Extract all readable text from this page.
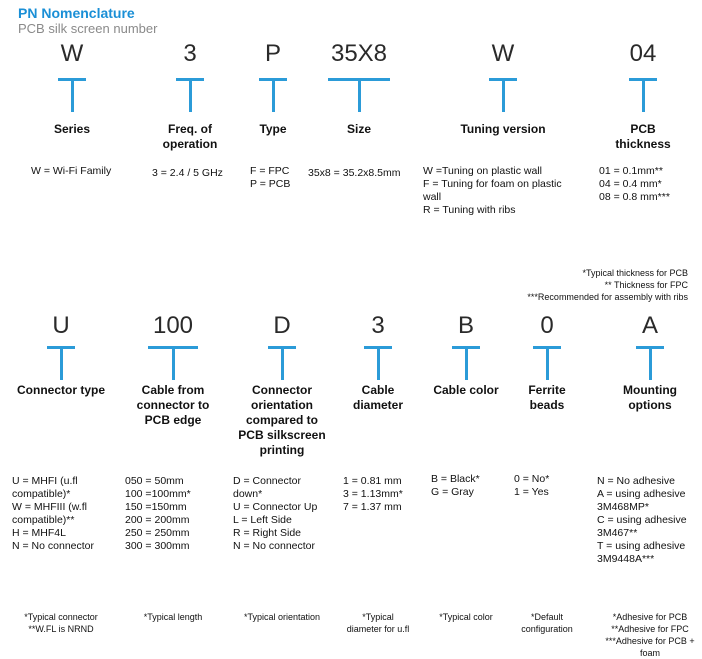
PN Nomenclature
PCB silk screen number
W
Series
W = Wi-Fi Family
3
Freq. of
operation
3 = 2.4 / 5 GHz
P
Type
F = FPC
P = PCB
35X8
Size
35x8 = 35.2x8.5mm
W
Tuning version
W =Tuning on plastic wall
F = Tuning for foam on plastic
wall
R = Tuning with ribs
04
PCB thickness
01 = 0.1mm**
04 = 0.4 mm*
08 = 0.8 mm***
U
Connector type
U = MHFI (u.fl
compatible)*
W = MHFIII (w.fl
compatible)**
H = MHF4L
N = No connector
*Typical connector
**W.FL is NRND
100
Cable from
connector to
PCB edge
050 = 50mm
100 =100mm*
150 =150mm
200 = 200mm
250 = 250mm
300 = 300mm
*Typical length
D
Connector
orientation
compared to
PCB silkscreen
printing
D = Connector
down*
U = Connector Up
L = Left Side
R = Right Side
N = No connector
*Typical orientation
3
Cable
diameter
1 = 0.81 mm
3 = 1.13mm*
7 = 1.37 mm
*Typical
diameter for u.fl
B
Cable color
B = Black*
G = Gray
*Typical color
0
Ferrite
beads
0 = No*
1 = Yes
*Default
configuration
A
Mounting
options
N = No adhesive
A = using adhesive
3M468MP*
C = using adhesive
3M467**
T = using adhesive
3M9448A***
*Adhesive for PCB
**Adhesive for FPC
***Adhesive for PCB +
foam
*Typical thickness for PCB
** Thickness for FPC
***Recommended for assembly with ribs
